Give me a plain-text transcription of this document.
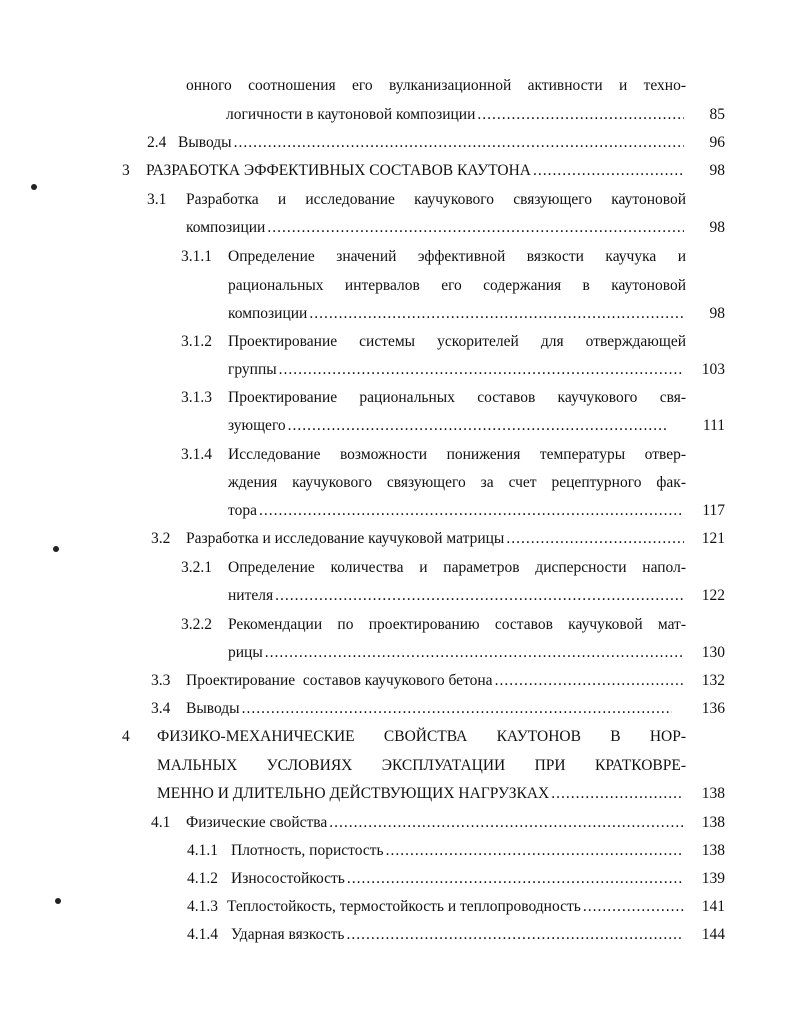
онного соотношения его вулканизационной активности и техно-
логичности в каутоновой композиции .....	85
2.4 Выводы .....	96
3 РАЗРАБОТКА ЭФФЕКТИВНЫХ СОСТАВОВ КАУТОНА .....	98
3.1 Разработка и исследование каучукового связующего каутоновой
композиции .....	98
3.1.1 Определение значений эффективной вязкости каучука и
рациональных интервалов его содержания в каутоновой
композиции .....	98
3.1.2 Проектирование системы ускорителей для отверждающей
группы .....	103
3.1.3 Проектирование рациональных составов каучукового свя-
зующего .....	111
3.1.4 Исследование возможности понижения температуры отвер-
ждения каучукового связующего за счет рецептурного фак-
тора .....	117
3.2 Разработка и исследование каучуковой матрицы .....	121
3.2.1 Определение количества и параметров дисперсности напол-
нителя .....	122
3.2.2 Рекомендации по проектированию составов каучуковой мат-
рицы .....	130
3.3 Проектирование  составов каучукового бетона .....	132
3.4 Выводы .....	136
4 ФИЗИКО-МЕХАНИЧЕСКИЕ СВОЙСТВА КАУТОНОВ В НОР-
МАЛЬНЫХ УСЛОВИЯХ ЭКСПЛУАТАЦИИ ПРИ КРАТКОВРЕ-
МЕННО И ДЛИТЕЛЬНО ДЕЙСТВУЮЩИХ НАГРУЗКАХ .....	138
4.1 Физические свойства .....	138
4.1.1 Плотность, пористость .....	138
4.1.2 Износостойкость .....	139
4.1.3 Теплостойкость, термостойкость и теплопроводность .....	141
4.1.4 Ударная вязкость .....	144
